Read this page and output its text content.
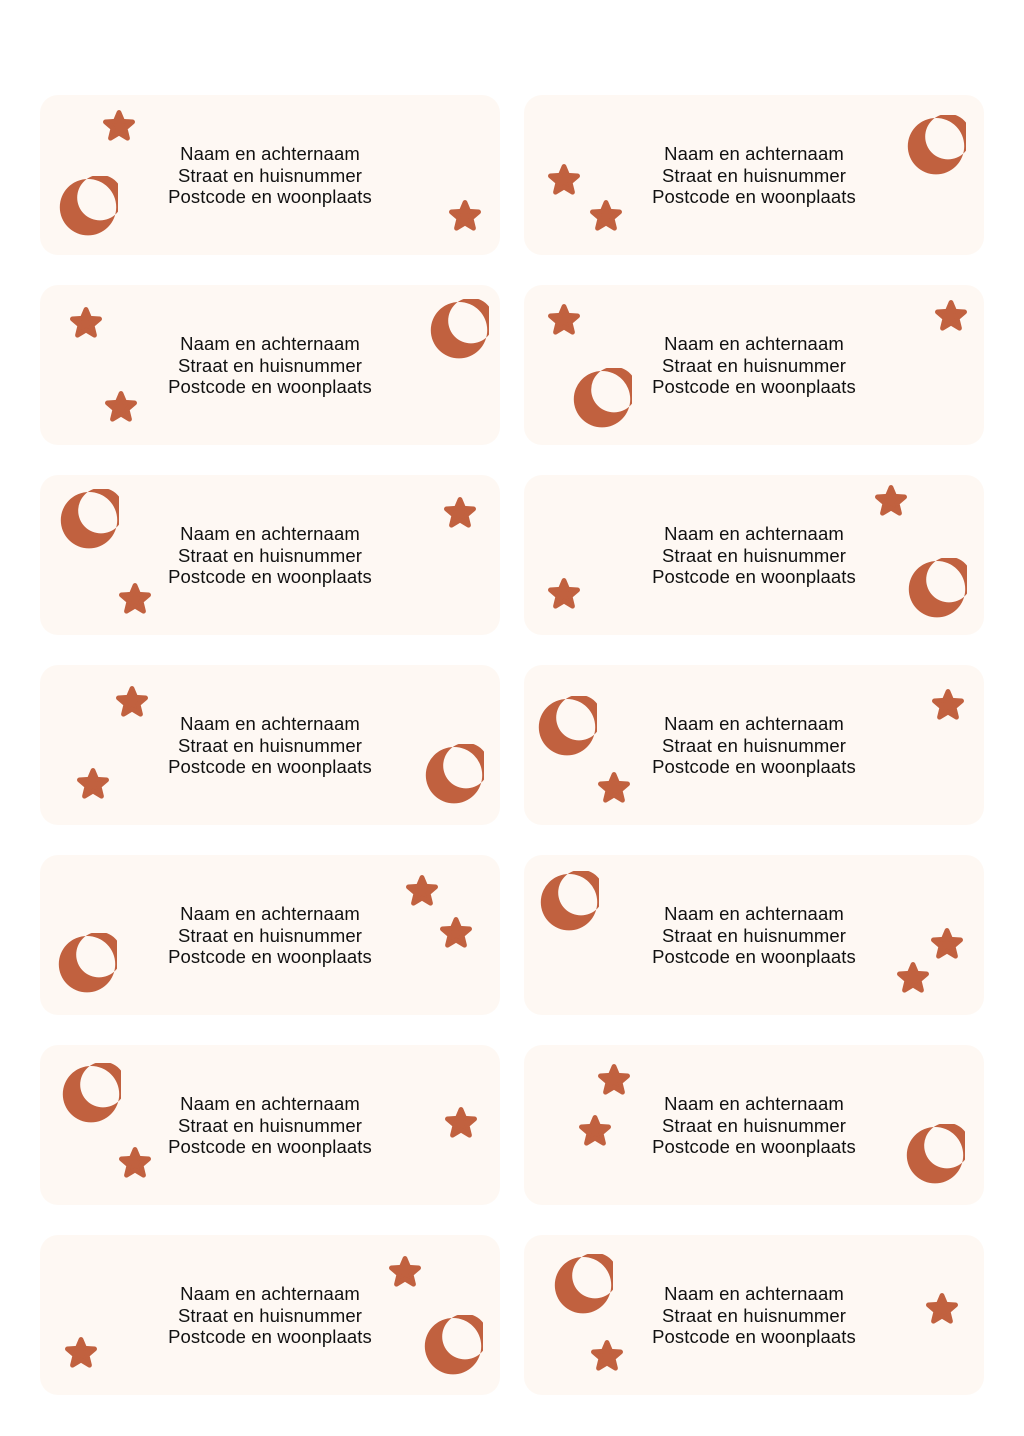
Naam en achternaam
Straat en huisnummer
Postcode en woonplaats
Naam en achternaam
Straat en huisnummer
Postcode en woonplaats
Naam en achternaam
Straat en huisnummer
Postcode en woonplaats
Naam en achternaam
Straat en huisnummer
Postcode en woonplaats
Naam en achternaam
Straat en huisnummer
Postcode en woonplaats
Naam en achternaam
Straat en huisnummer
Postcode en woonplaats
Naam en achternaam
Straat en huisnummer
Postcode en woonplaats
Naam en achternaam
Straat en huisnummer
Postcode en woonplaats
Naam en achternaam
Straat en huisnummer
Postcode en woonplaats
Naam en achternaam
Straat en huisnummer
Postcode en woonplaats
Naam en achternaam
Straat en huisnummer
Postcode en woonplaats
Naam en achternaam
Straat en huisnummer
Postcode en woonplaats
Naam en achternaam
Straat en huisnummer
Postcode en woonplaats
Naam en achternaam
Straat en huisnummer
Postcode en woonplaats
